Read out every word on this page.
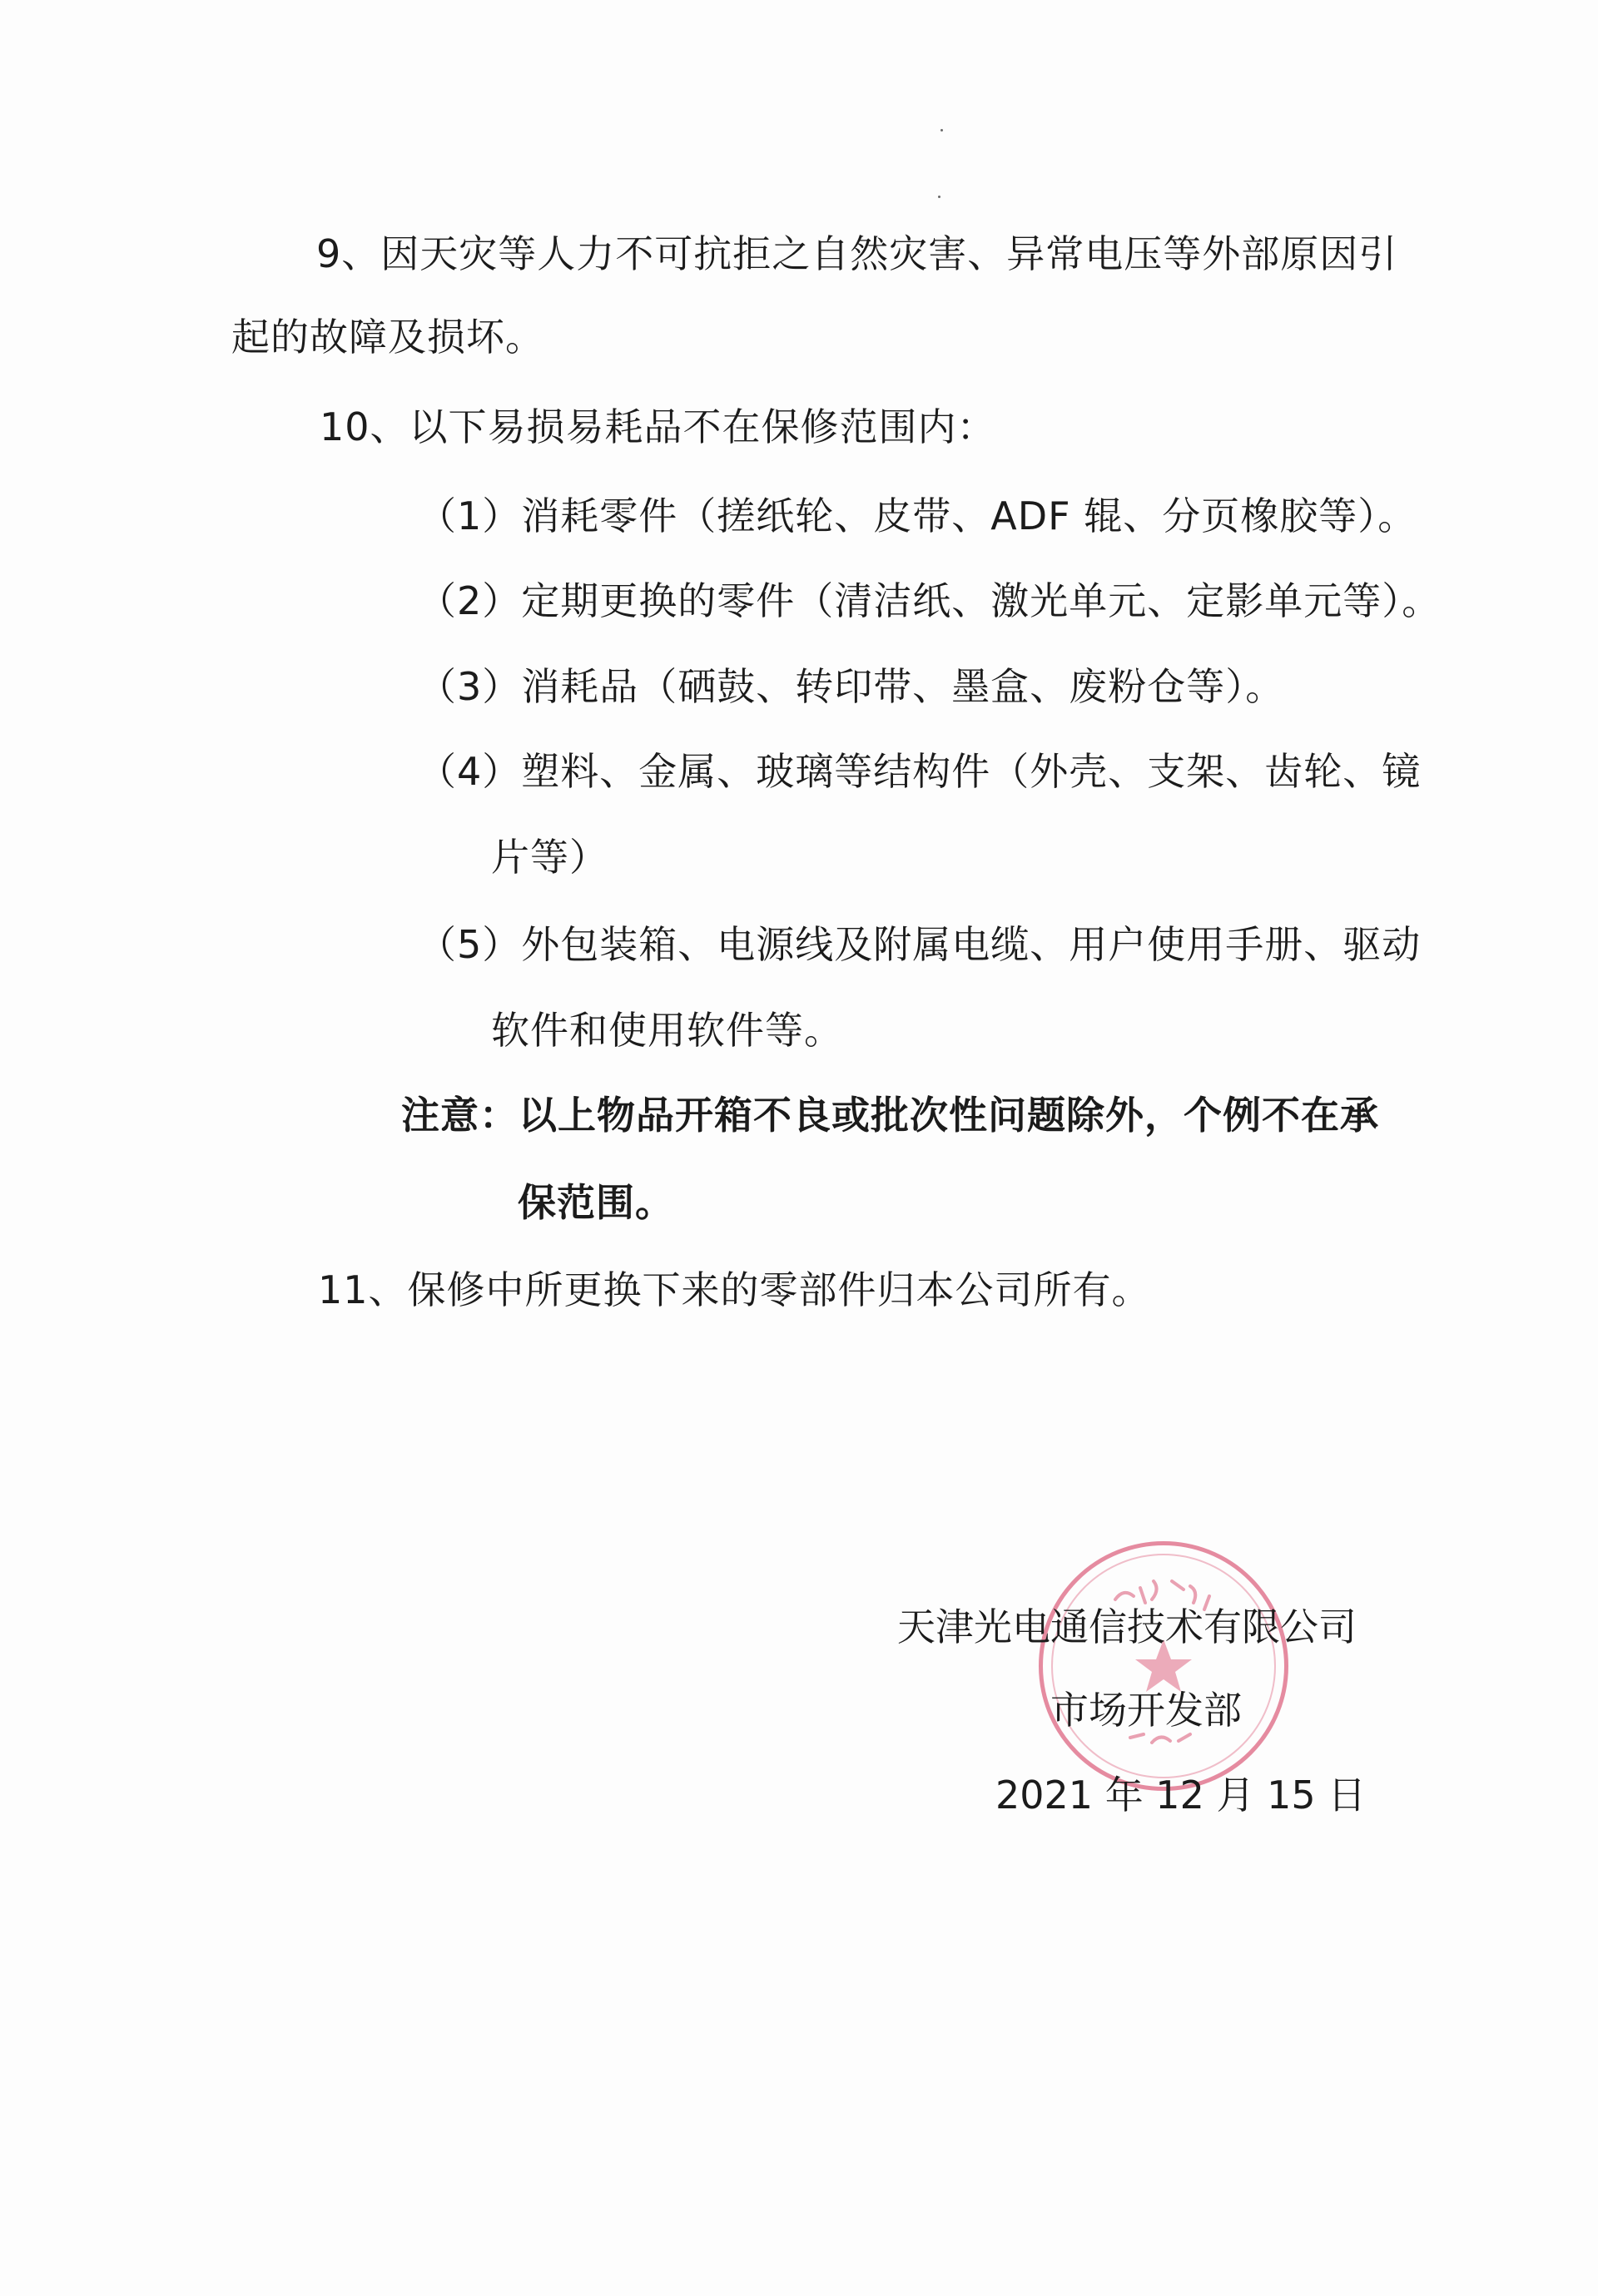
9、因天灾等人力不可抗拒之自然灾害、异常电压等外部原因引
起的故障及损坏。
10、以下易损易耗品不在保修范围内：
（1）消耗零件（搓纸轮、皮带、ADF 辊、分页橡胶等）。
（2）定期更换的零件（清洁纸、激光单元、定影单元等）。
（3）消耗品（硒鼓、转印带、墨盒、废粉仓等）。
（4）塑料、金属、玻璃等结构件（外壳、支架、齿轮、镜
片等）
（5）外包装箱、电源线及附属电缆、用户使用手册、驱动
软件和使用软件等。
注意：以上物品开箱不良或批次性问题除外，个例不在承
保范围。
11、保修中所更换下来的零部件归本公司所有。
天津光电通信技术有限公司
市场开发部
2021 年 12 月 15 日
